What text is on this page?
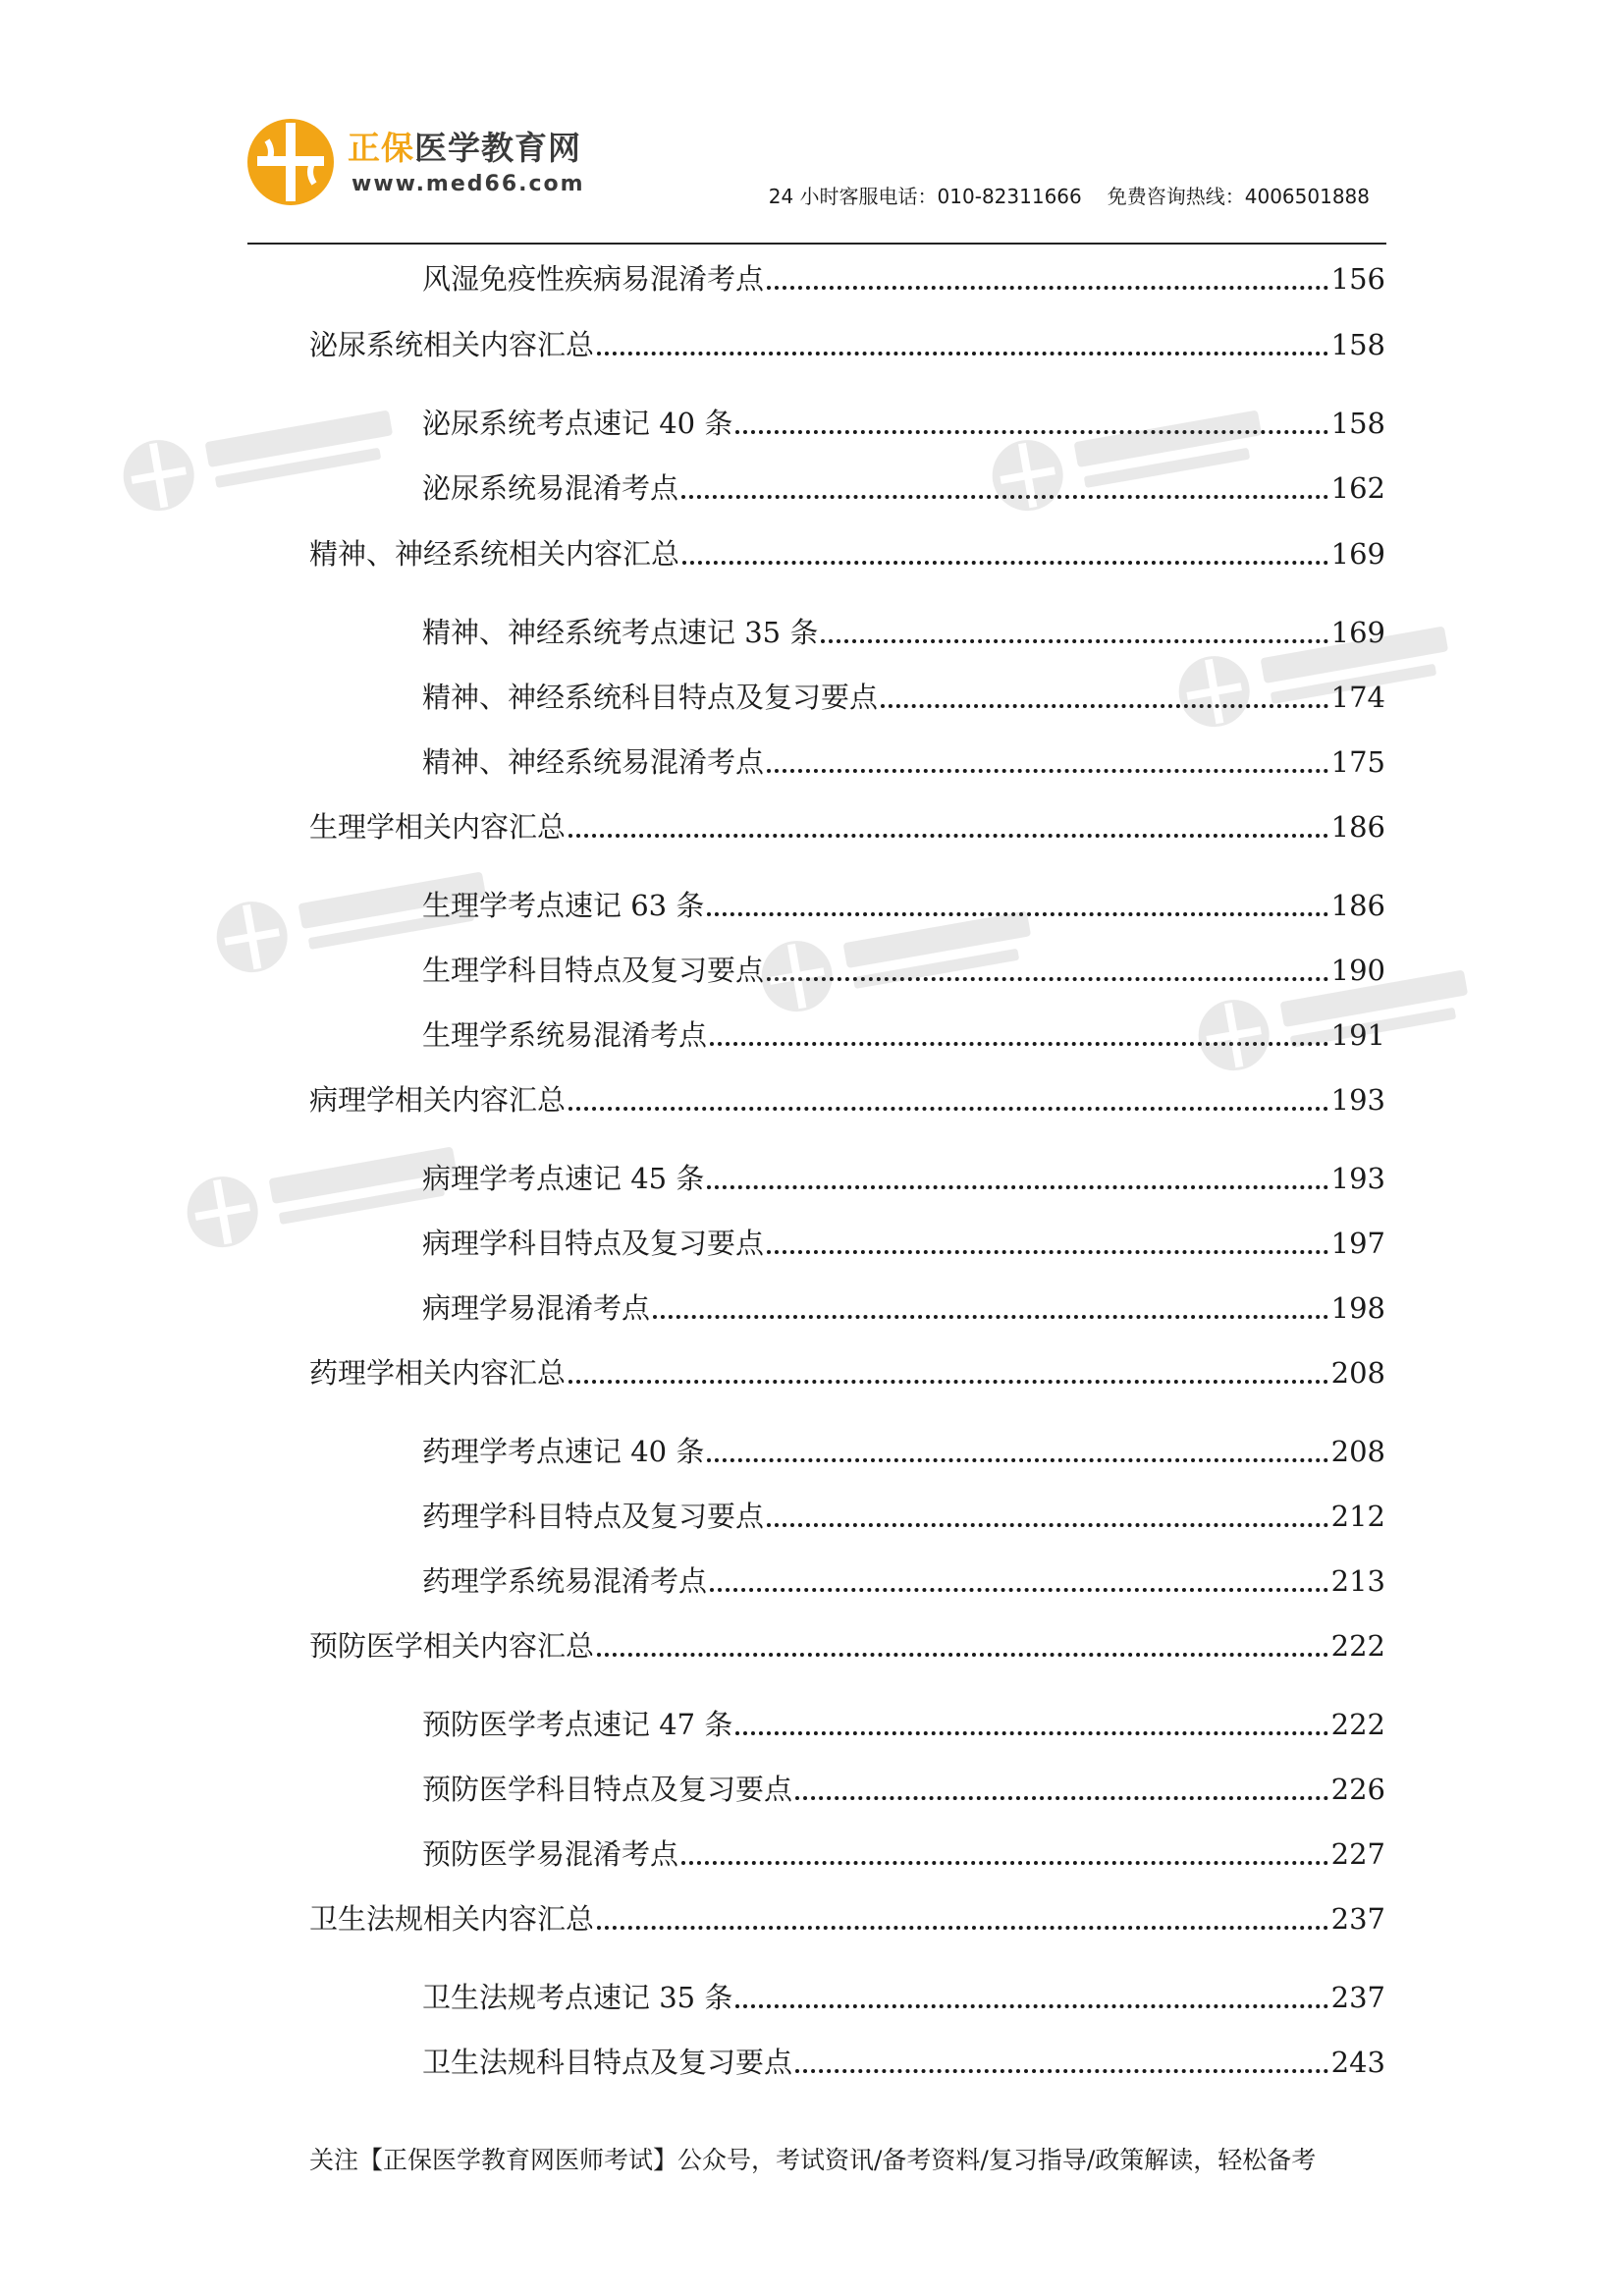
正保医学教育网
www.med66.com	24 小时客服电话：010-82311666 免费咨询热线：4006501888
风湿免疫性疾病易混淆考点	156
泌尿系统相关内容汇总	158
泌尿系统考点速记 40 条	158
泌尿系统易混淆考点	162
精神、神经系统相关内容汇总	169
精神、神经系统考点速记 35 条	169
精神、神经系统科目特点及复习要点	174
精神、神经系统易混淆考点	175
生理学相关内容汇总	186
生理学考点速记 63 条	186
生理学科目特点及复习要点	190
生理学系统易混淆考点	191
病理学相关内容汇总	193
病理学考点速记 45 条	193
病理学科目特点及复习要点	197
病理学易混淆考点	198
药理学相关内容汇总	208
药理学考点速记 40 条	208
药理学科目特点及复习要点	212
药理学系统易混淆考点	213
预防医学相关内容汇总	222
预防医学考点速记 47 条	222
预防医学科目特点及复习要点	226
预防医学易混淆考点	227
卫生法规相关内容汇总	237
卫生法规考点速记 35 条	237
卫生法规科目特点及复习要点	243
关注【正保医学教育网医师考试】公众号，考试资讯/备考资料/复习指导/政策解读，轻松备考
